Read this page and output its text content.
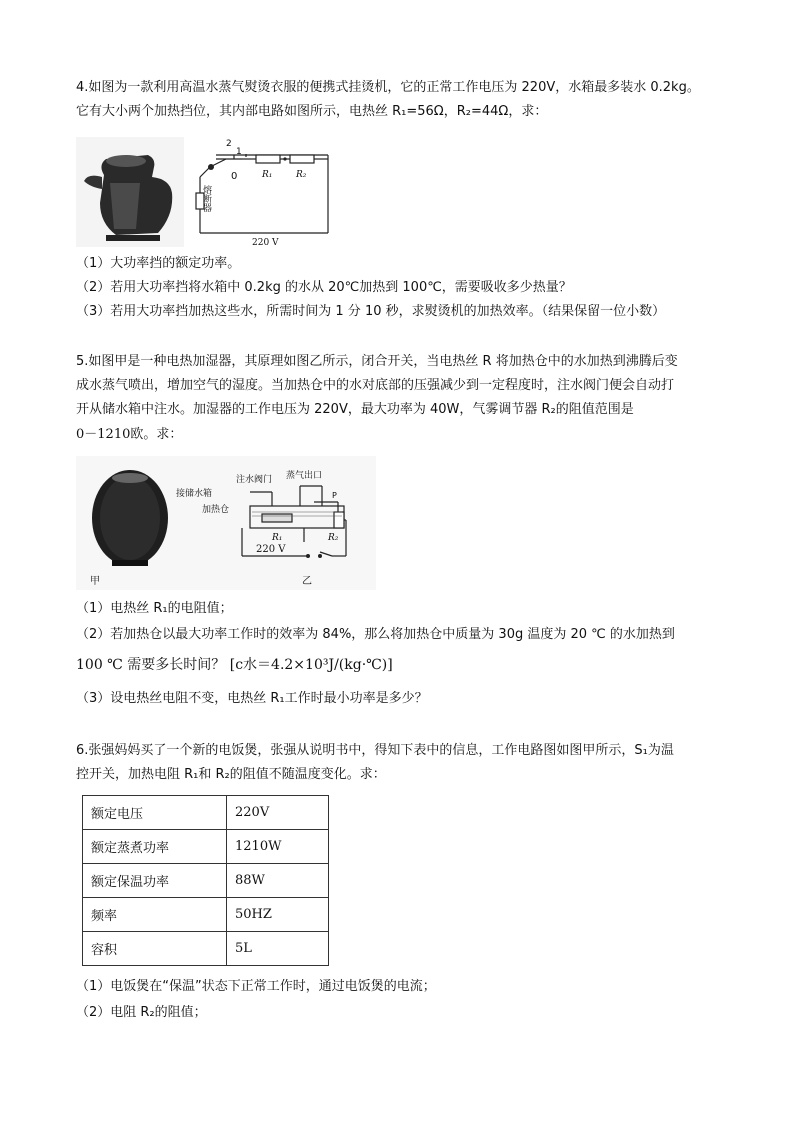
4.如图为一款利用高温水蒸气熨烫衣服的便携式挂烫机，它的正常工作电压为 220V，水箱最多装水 0.2kg。
它有大小两个加热挡位，其内部电路如图所示，电热丝 R₁=56Ω，R₂=44Ω，求：
2
1
0	R₁	R₂
熔断器
220 V
（1）大功率挡的额定功率。
（2）若用大功率挡将水箱中 0.2kg 的水从 20℃加热到 100℃，需要吸收多少热量？
（3）若用大功率挡加热这些水，所需时间为 1 分 10 秒，求熨烫机的加热效率。（结果保留一位小数）
5.如图甲是一种电热加湿器，其原理如图乙所示，闭合开关，当电热丝 R 将加热仓中的水加热到沸腾后变
成水蒸气喷出，增加空气的湿度。当加热仓中的水对底部的压强减少到一定程度时，注水阀门便会自动打
开从储水箱中注水。加湿器的工作电压为 220V，最大功率为 40W，气雾调节器 R₂的阻值范围是
0－1210欧。求：
甲
注水阀门 蒸气出口
接储水箱
加热仓
P
R₁	R₂
220 V
乙
（1）电热丝 R₁的电阻值；
（2）若加热仓以最大功率工作时的效率为 84%，那么将加热仓中质量为 30g 温度为 20 ℃ 的水加热到
100 ℃ 需要多长时间？ [c水＝4.2×10³J/(kg·℃)]
（3）设电热丝电阻不变，电热丝 R₁工作时最小功率是多少？
6.张强妈妈买了一个新的电饭煲，张强从说明书中，得知下表中的信息，工作电路图如图甲所示，S₁为温
控开关，加热电阻 R₁和 R₂的阻值不随温度变化。求：
额定电压	220V
额定蒸煮功率	1210W
额定保温功率	88W
频率	50HZ
容积	5L
（1）电饭煲在“保温”状态下正常工作时，通过电饭煲的电流；
（2）电阻 R₂的阻值；
